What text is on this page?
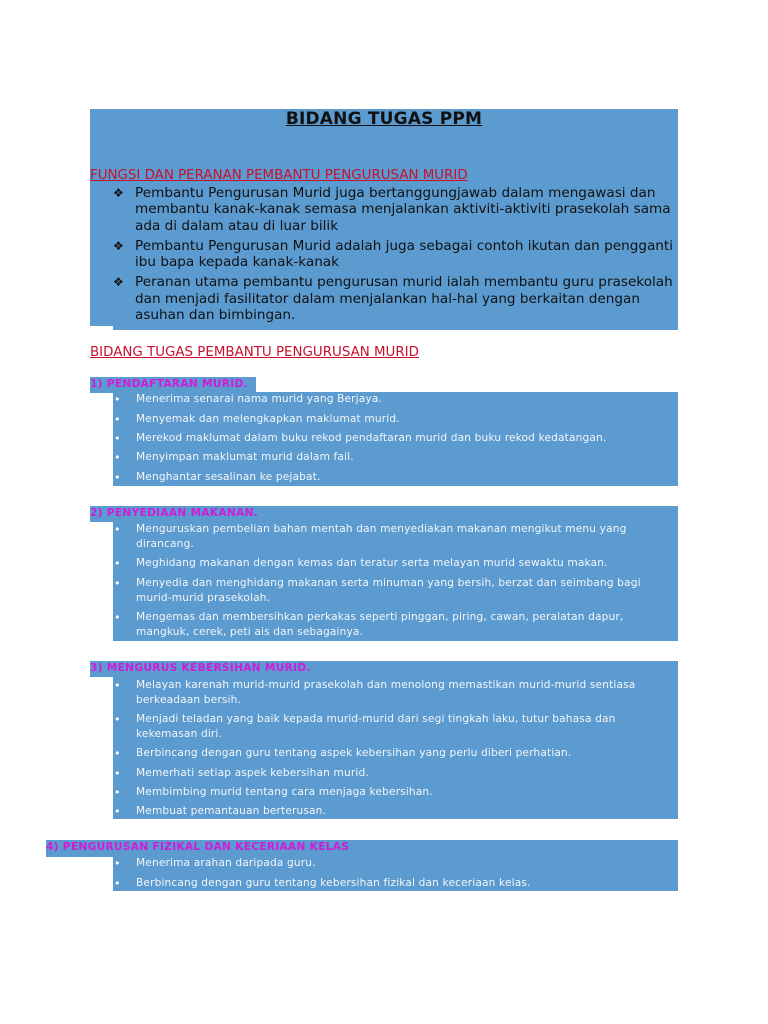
BIDANG TUGAS PPM
FUNGSI DAN PERANAN PEMBANTU PENGURUSAN MURID
❖ Pembantu Pengurusan Murid juga bertanggungjawab dalam mengawasi dan membantu kanak-kanak semasa menjalankan aktiviti-aktiviti prasekolah sama ada di dalam atau di luar bilik
❖ Pembantu Pengurusan Murid adalah juga sebagai contoh ikutan dan pengganti ibu bapa kepada kanak-kanak
❖ Peranan utama pembantu pengurusan murid ialah membantu guru prasekolah dan menjadi fasilitator dalam menjalankan hal-hal yang berkaitan dengan asuhan dan bimbingan.
BIDANG TUGAS PEMBANTU PENGURUSAN MURID
1) PENDAFTARAN MURID.
• Menerima senarai nama murid yang Berjaya.
• Menyemak dan melengkapkan maklumat murid.
• Merekod maklumat dalam buku rekod pendaftaran murid dan buku rekod kedatangan.
• Menyimpan maklumat murid dalam fail.
• Menghantar sesalinan ke pejabat.
2) PENYEDIAAN MAKANAN.
• Menguruskan pembelian bahan mentah dan menyediakan makanan mengikut menu yang dirancang.
• Meghidang makanan dengan kemas dan teratur serta melayan murid sewaktu makan.
• Menyedia dan menghidang makanan serta minuman yang bersih, berzat dan seimbang bagi murid-murid prasekolah.
• Mengemas dan membersihkan perkakas seperti pinggan, piring, cawan, peralatan dapur, mangkuk, cerek, peti ais dan sebagainya.
3) MENGURUS KEBERSIHAN MURID.
• Melayan karenah murid-murid prasekolah dan menolong memastikan murid-murid sentiasa berkeadaan bersih.
• Menjadi teladan yang baik kepada murid-murid dari segi tingkah laku, tutur bahasa dan kekemasan diri.
• Berbincang dengan guru tentang aspek kebersihan yang perlu diberi perhatian.
• Memerhati setiap aspek kebersihan murid.
• Membimbing murid tentang cara menjaga kebersihan.
• Membuat pemantauan berterusan.
4) PENGURUSAN FIZIKAL DAN KECERIAAN KELAS
• Menerima arahan daripada guru.
• Berbincang dengan guru tentang kebersihan fizikal dan keceriaan kelas.
